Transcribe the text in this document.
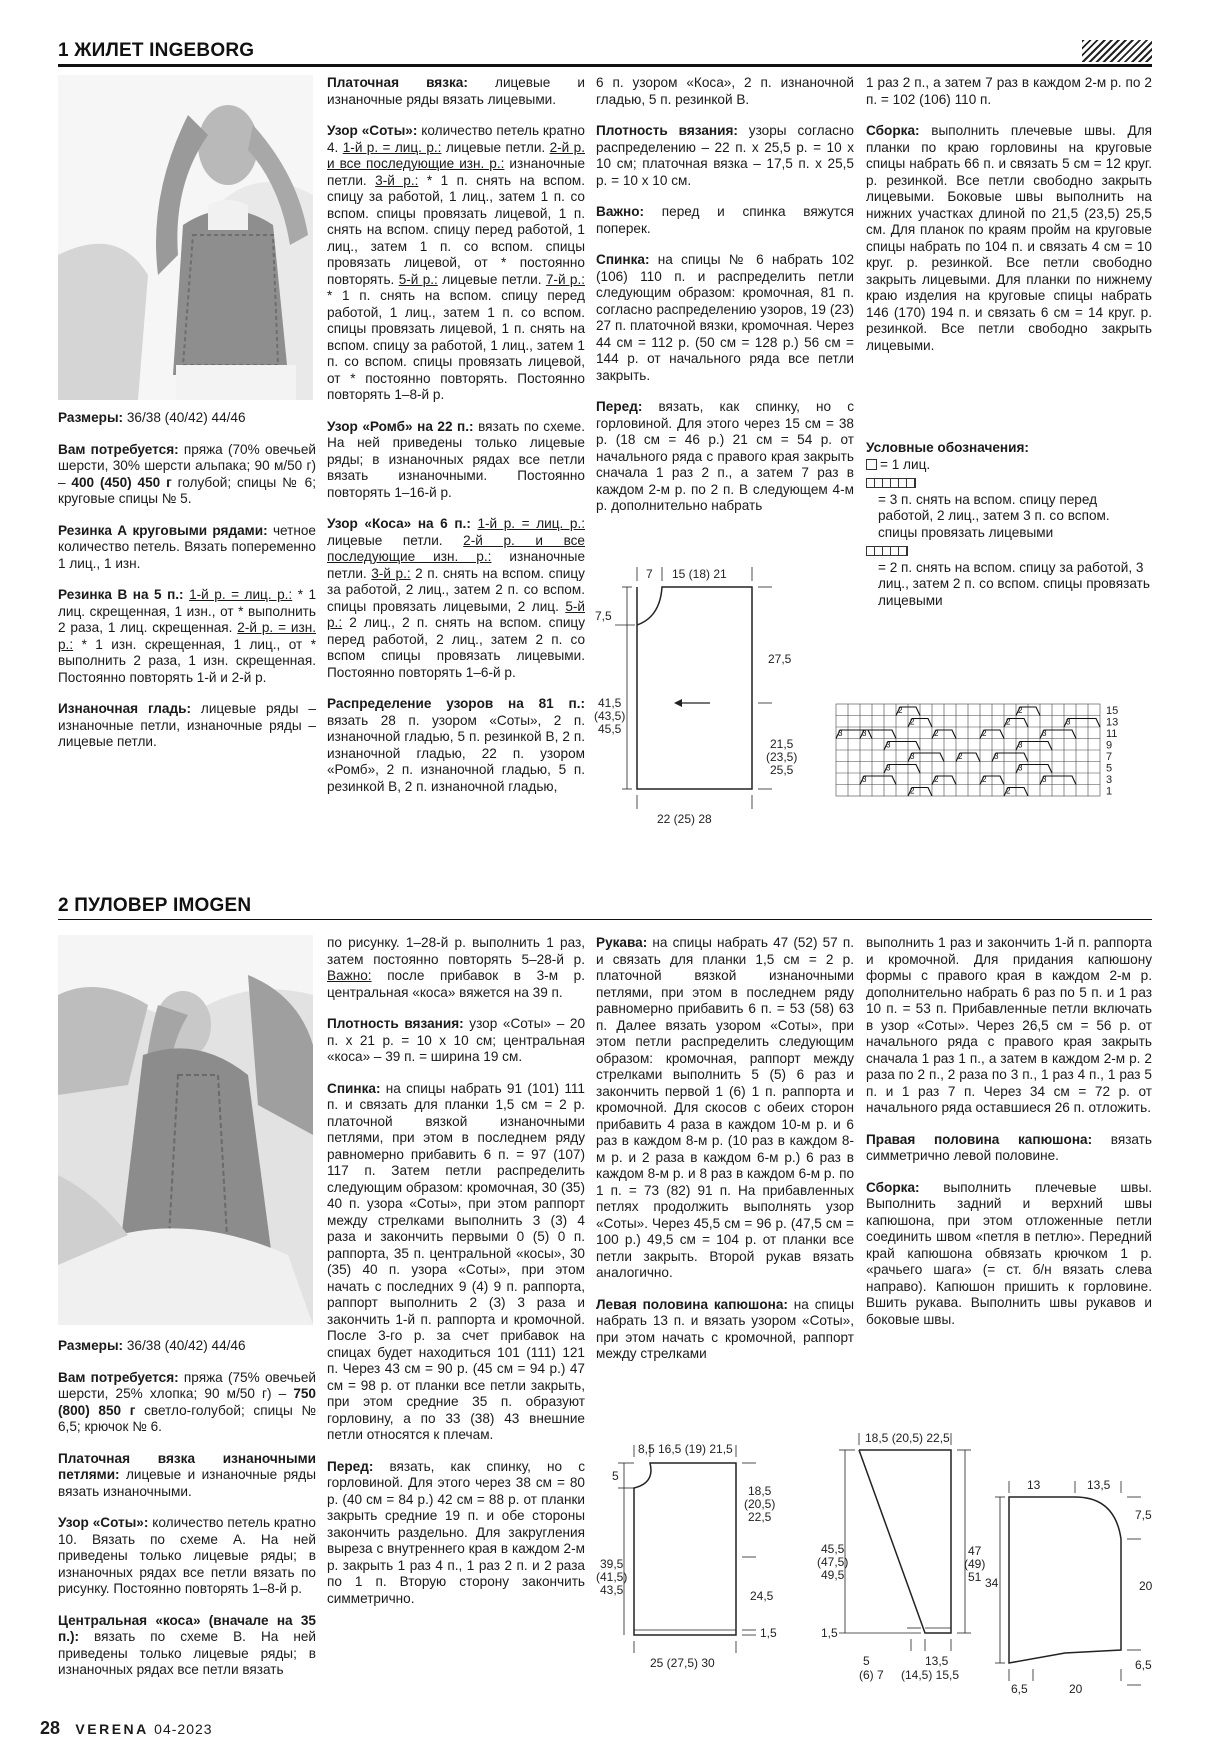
1 ЖИЛЕТ INGEBORG

Размеры: 36/38 (40/42) 44/46

Вам потребуется: пряжа (70% овечьей шерсти, 30% шерсти альпака; 90 м/50 г) – 400 (450) 450 г голубой; спицы № 6; круговые спицы № 5.

Резинка А круговыми рядами: четное количество петель. Вязать попеременно 1 лиц., 1 изн.

Резинка В на 5 п.: 1-й р. = лиц. р.: * 1 лиц. скрещенная, 1 изн., от * выполнить 2 раза, 1 лиц. скрещенная. 2-й р. = изн. р.: * 1 изн. скрещенная, 1 лиц., от * выполнить 2 раза, 1 изн. скрещенная. Постоянно повторять 1-й и 2-й р.

Изнаночная гладь: лицевые ряды – изнаночные петли, изнаночные ряды – лицевые петли.

Платочная вязка: лицевые и изнаночные ряды вязать лицевыми.

Узор «Соты»: количество петель кратно 4. 1-й р. = лиц. р.: лицевые петли. 2-й р. и все последующие изн. р.: изнаночные петли. 3-й р.: * 1 п. снять на вспом. спицу за работой, 1 лиц., затем 1 п. со вспом. спицы провязать лицевой, 1 п. снять на вспом. спицу перед работой, 1 лиц., затем 1 п. со вспом. спицы провязать лицевой, от * постоянно повторять. 5-й р.: лицевые петли. 7-й р.: * 1 п. снять на вспом. спицу перед работой, 1 лиц., затем 1 п. со вспом. спицы провязать лицевой, 1 п. снять на вспом. спицу за работой, 1 лиц., затем 1 п. со вспом. спицы провязать лицевой, от * постоянно повторять. Постоянно повторять 1–8-й р.

Узор «Ромб» на 22 п.: вязать по схеме. На ней приведены только лицевые ряды; в изнаночных рядах все петли вязать изнаночными. Постоянно повторять 1–16-й р.

Узор «Коса» на 6 п.: 1-й р. = лиц. р.: лицевые петли. 2-й р. и все последующие изн. р.: изнаночные петли. 3-й р.: 2 п. снять на вспом. спицу за работой, 2 лиц., затем 2 п. со вспом. спицы провязать лицевыми, 2 лиц. 5-й р.: 2 лиц., 2 п. снять на вспом. спицу перед работой, 2 лиц., затем 2 п. со вспом спицы провязать лицевыми. Постоянно повторять 1–6-й р.

Распределение узоров на 81 п.: вязать 28 п. узором «Соты», 2 п. изнаночной гладью, 5 п. резинкой В, 2 п. изнаночной гладью, 22 п. узором «Ромб», 2 п. изнаночной гладью, 5 п. резинкой В, 2 п. изнаночной гладью,

6 п. узором «Коса», 2 п. изнаночной гладью, 5 п. резинкой В.

Плотность вязания: узоры согласно распределению – 22 п. x 25,5 р. = 10 x 10 см; платочная вязка – 17,5 п. x 25,5 р. = 10 x 10 см.

Важно: перед и спинка вяжутся поперек.

Спинка: на спицы № 6 набрать 102 (106) 110 п. и распределить петли следующим образом: кромочная, 81 п. согласно распределению узоров, 19 (23) 27 п. платочной вязки, кромочная. Через 44 см = 112 р. (50 см = 128 р.) 56 см = 144 р. от начального ряда все петли закрыть.

Перед: вязать, как спинку, но с горловиной. Для этого через 15 см = 38 р. (18 см = 46 р.) 21 см = 54 р. от начального ряда с правого края закрыть сначала 1 раз 2 п., а затем 7 раз в каждом 2-м р. по 2 п. В следующем 4-м р. дополнительно набрать

7 15 (18) 21
7,5
27,5
41,5
(43,5)
45,5
21,5
(23,5)
25,5
22 (25) 28

1 раз 2 п., а затем 7 раз в каждом 2-м р. по 2 п. = 102 (106) 110 п.

Сборка: выполнить плечевые швы. Для планки по краю горловины на круговые спицы набрать 66 п. и связать 5 см = 12 круг. р. резинкой. Все петли свободно закрыть лицевыми. Боковые швы выполнить на нижних участках длиной по 21,5 (23,5) 25,5 см. Для планок по краям пройм на круговые спицы набрать по 104 п. и связать 4 см = 10 круг. р. резинкой. Все петли свободно закрыть лицевыми. Для планки по нижнему краю изделия на круговые спицы набрать 146 (170) 194 п. и связать 6 см = 14 круг. р. резинкой. Все петли свободно закрыть лицевыми.

Условные обозначения:
= 1 лиц.
= 3 п. снять на вспом. спицу перед работой, 2 лиц., затем 3 п. со вспом. спицы провязать лицевыми
= 2 п. снять на вспом. спицу за работой, 3 лиц., затем 2 п. со вспом. спицы провязать лицевыми
3
2	2
3
3
2	2
3
3
2	2
3
3	2	3
3
2	2
3
3
2	2
3
15
13
11
9
7
5
3
1
2 ПУЛОВЕР IMOGEN

Размеры: 36/38 (40/42) 44/46

Вам потребуется: пряжа (75% овечьей шерсти, 25% хлопка; 90 м/50 г) – 750 (800) 850 г светло-голубой; спицы № 6,5; крючок № 6.

Платочная вязка изнаночными петлями: лицевые и изнаночные ряды вязать изнаночными.

Узор «Соты»: количество петель кратно 10. Вязать по схеме А. На ней приведены только лицевые ряды; в изнаночных рядах все петли вязать по рисунку. Постоянно повторять 1–8-й р.

Центральная «коса» (вначале на 35 п.): вязать по схеме В. На ней приведены только лицевые ряды; в изнаночных рядах все петли вязать

по рисунку. 1–28-й р. выполнить 1 раз, затем постоянно повторять 5–28-й р. Важно: после прибавок в 3-м р. центральная «коса» вяжется на 39 п.

Плотность вязания: узор «Соты» – 20 п. x 21 р. = 10 x 10 см; центральная «коса» – 39 п. = ширина 19 см.

Спинка: на спицы набрать 91 (101) 111 п. и связать для планки 1,5 см = 2 р. платочной вязкой изнаночными петлями, при этом в последнем ряду равномерно прибавить 6 п. = 97 (107) 117 п. Затем петли распределить следующим образом: кромочная, 30 (35) 40 п. узора «Соты», при этом раппорт между стрелками выполнить 3 (3) 4 раза и закончить первыми 0 (5) 0 п. раппорта, 35 п. центральной «косы», 30 (35) 40 п. узора «Соты», при этом начать с последних 9 (4) 9 п. раппорта, раппорт выполнить 2 (3) 3 раза и закончить 1-й п. раппорта и кромочной. После 3-го р. за счет прибавок на спицах будет находиться 101 (111) 121 п. Через 43 см = 90 р. (45 см = 94 р.) 47 см = 98 р. от планки все петли закрыть, при этом средние 35 п. образуют горловину, а по 33 (38) 43 внешние петли относятся к плечам.

Перед: вязать, как спинку, но с горловиной. Для этого через 38 см = 80 р. (40 см = 84 р.) 42 см = 88 р. от планки закрыть средние 19 п. и обе стороны закончить раздельно. Для закругления выреза с внутреннего края в каждом 2-м р. закрыть 1 раз 4 п., 1 раз 2 п. и 2 раза по 1 п. Вторую сторону закончить симметрично.

Рукава: на спицы набрать 47 (52) 57 п. и связать для планки 1,5 см = 2 р. платочной вязкой изнаночными петлями, при этом в последнем ряду равномерно прибавить 6 п. = 53 (58) 63 п. Далее вязать узором «Соты», при этом петли распределить следующим образом: кромочная, раппорт между стрелками выполнить 5 (5) 6 раз и закончить первой 1 (6) 1 п. раппорта и кромочной. Для скосов с обеих сторон прибавить 4 раза в каждом 10-м р. и 6 раз в каждом 8-м р. (10 раз в каждом 8-м р. и 2 раза в каждом 6-м р.) 6 раз в каждом 8-м р. и 8 раз в каждом 6-м р. по 1 п. = 73 (82) 91 п. На прибавленных петлях продолжить выполнять узор «Соты». Через 45,5 см = 96 р. (47,5 см = 100 р.) 49,5 см = 104 р. от планки все петли закрыть. Второй рукав вязать аналогично.

Левая половина капюшона: на спицы набрать 13 п. и вязать узором «Соты», при этом начать с кромочной, раппорт между стрелками

выполнить 1 раз и закончить 1-й п. раппорта и кромочной. Для придания капюшону формы с правого края в каждом 2-м р. дополнительно набрать 6 раз по 5 п. и 1 раз 10 п. = 53 п. Прибавленные петли включать в узор «Соты». Через 26,5 см = 56 р. от начального ряда с правого края закрыть сначала 1 раз 1 п., а затем в каждом 2-м р. 2 раза по 2 п., 2 раза по 3 п., 1 раз 4 п., 1 раз 5 п. и 1 раз 7 п. Через 34 см = 72 р. от начального ряда оставшиеся 26 п. отложить.

Правая половина капюшона: вязать симметрично левой половине.

Сборка: выполнить плечевые швы. Выполнить задний и верхний швы капюшона, при этом отложенные петли соединить швом «петля в петлю». Передний край капюшона обвязать крючком 1 р. «рачьего шага» (= ст. б/н вязать слева направо). Капюшон пришить к горловине. Вшить рукава. Выполнить швы рукавов и боковые швы.

8,5 16,5 (19) 21,5
5
18,5
(20,5)
22,5
39,5
(41,5)
43,5	24,5
1,5
25 (27,5) 30
18,5 (20,5) 22,5
45,5
(47,5)
49,5
47
(49)
51
1,5
5
(6) 7
13,5
(14,5) 15,5
13	13,5
7,5
34	20
6,5
6,5	20
28 VERENA 04-2023
